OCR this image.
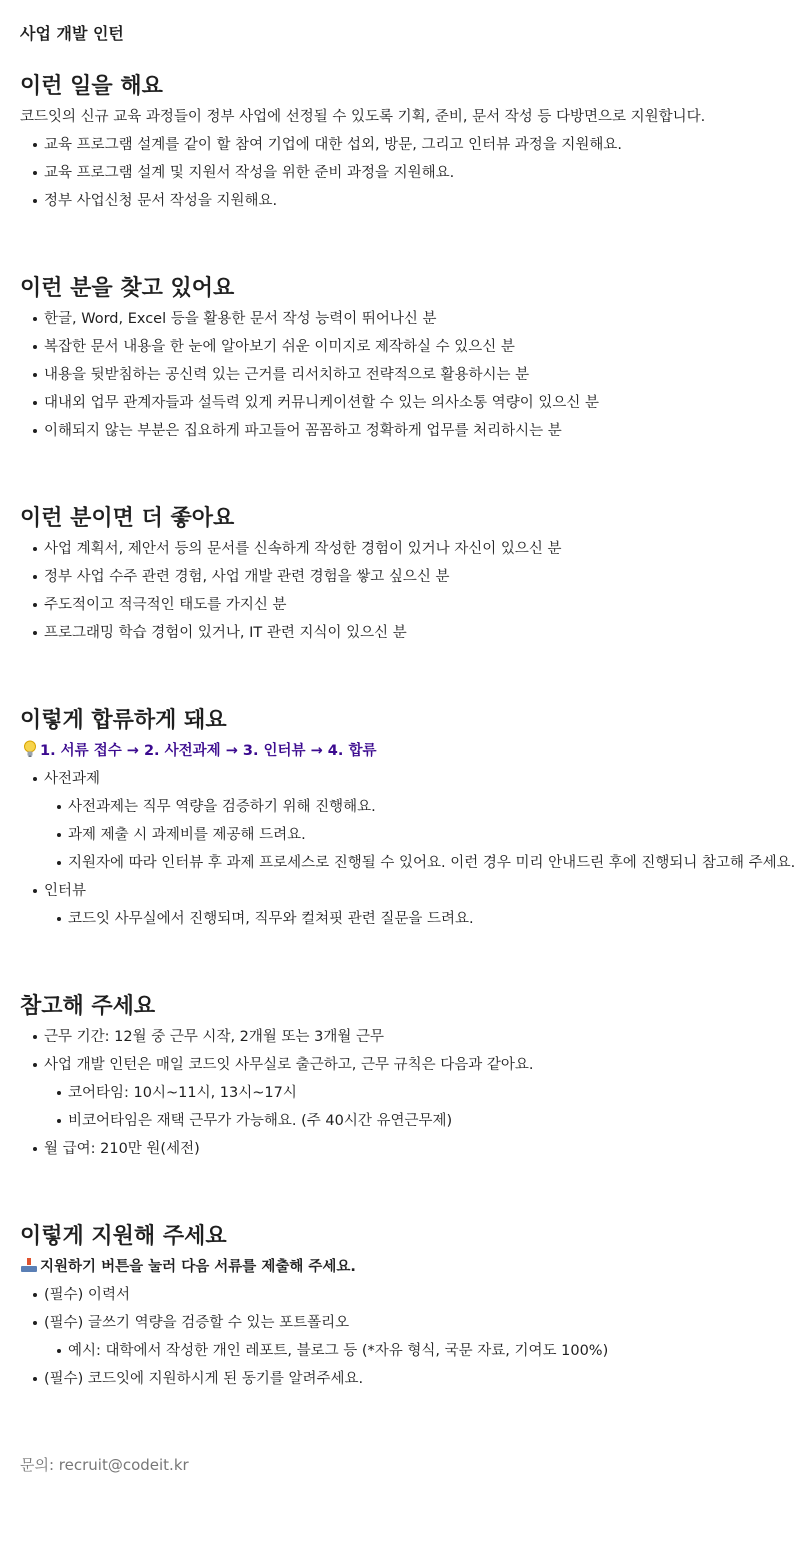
사업 개발 인턴
이런 일을 해요
코드잇의 신규 교육 과정들이 정부 사업에 선정될 수 있도록 기획, 준비, 문서 작성 등 다방면으로 지원합니다.
교육 프로그램 설계를 같이 할 참여 기업에 대한 섭외, 방문, 그리고 인터뷰 과정을 지원해요.
교육 프로그램 설계 및 지원서 작성을 위한 준비 과정을 지원해요.
정부 사업신청 문서 작성을 지원해요.
이런 분을 찾고 있어요
한글, Word, Excel 등을 활용한 문서 작성 능력이 뛰어나신 분
복잡한 문서 내용을 한 눈에 알아보기 쉬운 이미지로 제작하실 수 있으신 분
내용을 뒷받침하는 공신력 있는 근거를 리서치하고 전략적으로 활용하시는 분
대내외 업무 관계자들과 설득력 있게 커뮤니케이션할 수 있는 의사소통 역량이 있으신 분
이해되지 않는 부분은 집요하게 파고들어 꼼꼼하고 정확하게 업무를 처리하시는 분
이런 분이면 더 좋아요
사업 계획서, 제안서 등의 문서를 신속하게 작성한 경험이 있거나 자신이 있으신 분
정부 사업 수주 관련 경험, 사업 개발 관련 경험을 쌓고 싶으신 분
주도적이고 적극적인 태도를 가지신 분
프로그래밍 학습 경험이 있거나, IT 관련 지식이 있으신 분
이렇게 합류하게 돼요
1. 서류 접수 → 2. 사전과제 → 3. 인터뷰 → 4. 합류
사전과제
사전과제는 직무 역량을 검증하기 위해 진행해요.
과제 제출 시 과제비를 제공해 드려요.
지원자에 따라 인터뷰 후 과제 프로세스로 진행될 수 있어요. 이런 경우 미리 안내드린 후에 진행되니 참고해 주세요.
인터뷰
코드잇 사무실에서 진행되며, 직무와 컬쳐핏 관련 질문을 드려요.
참고해 주세요
근무 기간: 12월 중 근무 시작, 2개월 또는 3개월 근무
사업 개발 인턴은 매일 코드잇 사무실로 출근하고, 근무 규칙은 다음과 같아요.
코어타임: 10시~11시, 13시~17시
비코어타임은 재택 근무가 가능해요. (주 40시간 유연근무제)
월 급여: 210만 원(세전)
이렇게 지원해 주세요
지원하기 버튼을 눌러 다음 서류를 제출해 주세요.
(필수) 이력서
(필수) 글쓰기 역량을 검증할 수 있는 포트폴리오
예시: 대학에서 작성한 개인 레포트, 블로그 등 (*자유 형식, 국문 자료, 기여도 100%)
(필수) 코드잇에 지원하시게 된 동기를 알려주세요.
문의: recruit@codeit.kr
